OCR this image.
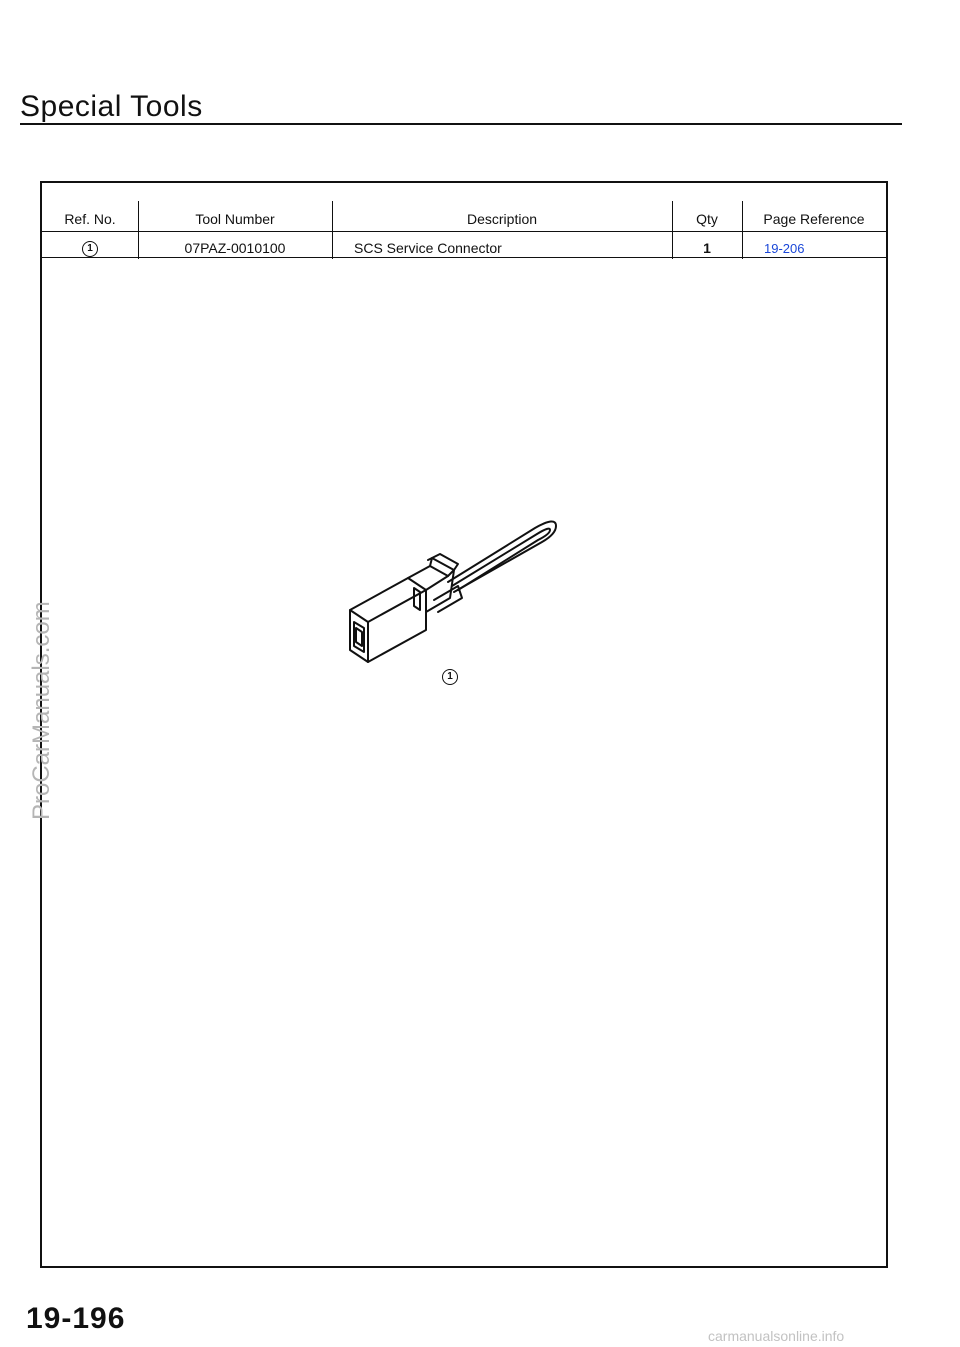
Special Tools
Ref. No.	Tool Number	Description	Qty	Page Reference
1	07PAZ-0010100	SCS Service Connector	1	19-206
1
ProCarManuals.com
19-196
carmanualsonline.info
